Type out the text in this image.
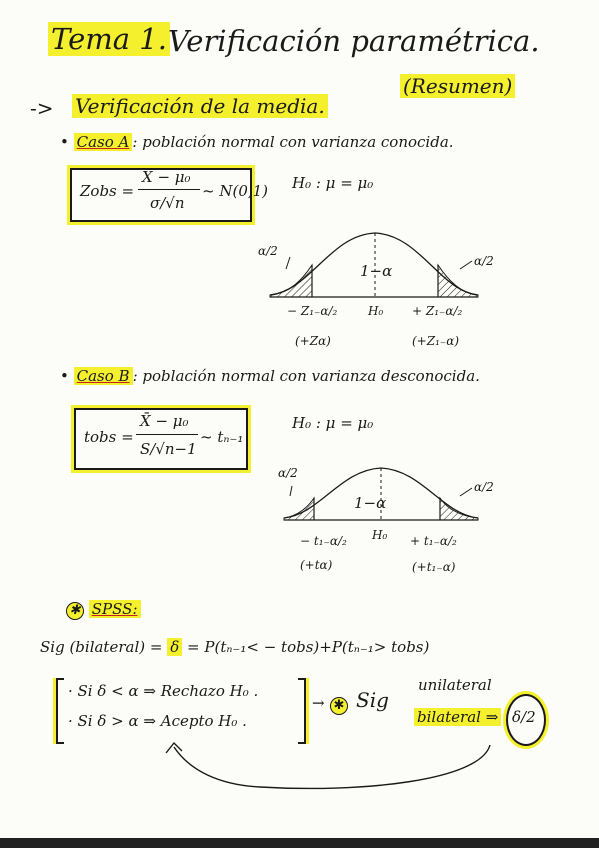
Tema 1. Verificación paramétrica.
(Resumen)
-> Verificación de la media.
• Caso A : población normal con varianza conocida.
Zobs =
X̄ − μ₀
σ/√n
~ N(0,1) H₀ : μ = μ₀
α/2
α/2
1−α
− Z₁₋α/₂	H₀ + Z₁₋α/₂
(+Zα)	(+Z₁₋α)
• Caso B : población normal con varianza desconocida.
tobs =
X̄ − μ₀
S/√n−1
~ tₙ₋₁
H₀ : μ = μ₀
α/2
α/2
1−α
− t₁₋α/₂ H₀ + t₁₋α/₂
(+tα)	(+t₁₋α)
✱ SPSS:
Sig (bilateral) = δ = P(tₙ₋₁< − tobs)+P(tₙ₋₁> tobs)
· Si δ < α ⇒ Rechazo H₀ .
· Si δ > α ⇒ Acepto H₀ .
→ ✱ Sig
unilateral
bilateral ⇒ δ/2
